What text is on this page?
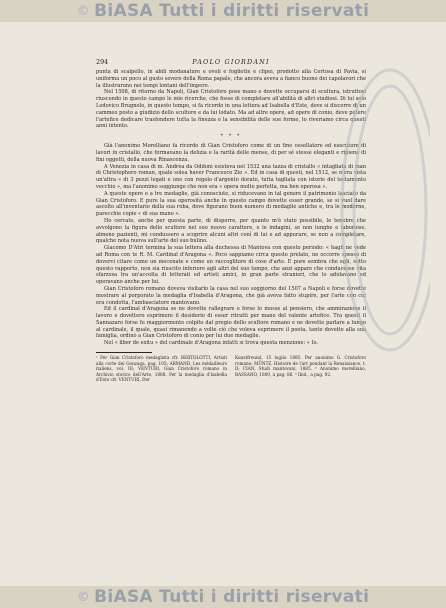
© BiASA Tutti i diritti riservati
294	PAOLO GIORDANI

punta di scalpello, in abili modanature e ovoli e fogliette e clipei, prodotto alla Certosa di Pavia, si uniforma un poco al gusto severo della Roma papale, che ancora aveva a fianco buono dei capolavori che la illustrarono nei tempi lontani dell'impero.

Nel 1508, di ritorno da Napoli, Gian Cristoforo pose mano e dovette occuparsi di scultura, istruttosi riuscendo in questo campo le mie ricerche, che fosse di completare all'abilità di altri studiosi. Di lui solo Lodovico Brugnolo, in questo tempo, si fa ricordo in una lettera ad Isabella d'Este, dove si discorre di un cammeo posto a giudizio dello scultore e da lui lodato. Ma ad altre opere, ad opere di conio, deve potere l'artefice dedicare trasfondere tutta la finezza e la sensibilità delle sue forme, lo riveriamo circa questi anni intento.

* * *

Già l'anonimo Morelliano fa ricordo di Gian Cristoforo come di un fine cesellatore ed esecutore di lavori in cristallo, che formavano la delizia e la rarità delle mense, di per sé stesse eleganti e ripiene di fini oggetti, della nuova Rinascenza.

A Venezia in casa di m. Andrea da Oddoni esisteva nel 1532 una tazza di cristallo « intagliata di man di Christophoro roman, quale solea haver Francesco Zio ». Ed in casa di questi, nel 1512, se n'era vista un'altra « di 3 pezzi legati e uno con regolo d'argento dorato, tutta tagliata con istorie del testamento vecchio », ma l'anonimo soggiunge che non era « opera molto perfetta, ma ben operosa ».

A queste opere e a tre medaglie, già conosciute, si riducevano in tal genere il patrimonio lasciato da Gian Cristoforo. E pure la sua operosità anche in questo campo dovette esser grande, se si vuol dare ascolto all'inventario della sua roba, dove figurano buon numero di medaglie antiche e, tra le moderne, parecchie copie « di sua mano ».

Ho cercato, anche per questa parte, di disporre, per quanto m'è stato possibile, le tenebre che avvolgono la figura dello scultore nel suo nuovo carattere, e le indagini, se non lunghe e laboriose, almeno pazienti, mi condussero a scoprire alcuni altri conî di lui e ad appurare, se non a completare, qualche nota nuova sull'arte del suo bulino.

Giacomo D'Atri termina la sua lettera alla duchessa di Mantova con questo periodo: « hagli ne vede ad Roma con te R. M. Cardinal d'Aragona ». Poco sappiamo circa questo prelato, ne occorre spesso di dovervi citare come un mecenate e come un raccoglitore di cose d'arte. E pure sembra che egli, sotto questo rapporto, non sia riuscito inferiore agli altri del suo tempo, che anzi appare che conducesse vita sfarzosa tra un'accolta di letterati ed artisti amici, in gran parte stranieri, che lo adulavano ed operavano anche per lui.

Gian Cristoforo romano doveva visitarlo la casa nel suo soggiorno del 1507 a Napoli e forse dovette mostrare al porporato la medaglia d'Isabella d'Aragona, che già aveva fatto stupire, per l'arte con cui era condotta, l'ambasciatore mantovano.

Ed il cardinal d'Aragona se ne dovette rallegrare e forse lo mosse al pensiero, che ammirazione il lavoro e dovettero esprimere il desiderio di esser ritratti per mano del valente artefice. Tra questi il Sannazaro forse fu maggiormente colpito dal pregio dello scultore romano e ne dovette parlare a lungo al cardinale, il quale, quasi rimanendo a volte ciò che voleva esprimere il poeta, tanto dovette alla sua famiglia, ordinò a Gian Cristoforo di conio per lui due medaglie.

Nel « liber de exitu » del cardinale d'Aragona infatti si trova questa menzione: « Io.

¹ Per Gian Cristoforo medaglista cfr. BERTOLOTTI, Artisti alla corte dei Gonzaga, pag. 105; ARMAND, Les médailleurs italiens, vol. III; VENTURI, Gian Cristoforo romano in Archivio storico dell'Arte, 1888. Per la medaglia d'Isabella d'Este cfr. VENTURI, Der
Kunstfreund, 15 luglio 1885. Per anonimo G. Cristoforo romano: MÜNTZ, Histoire de l'art pendant la Renaissance, t. II; CIAN, Studi mantovani, 1885. ² Anonimo morelliano, BASSANO, 1800, a pag. 86. ³ Ibid., a pag. 92.
© BiASA Tutti i diritti riservati
